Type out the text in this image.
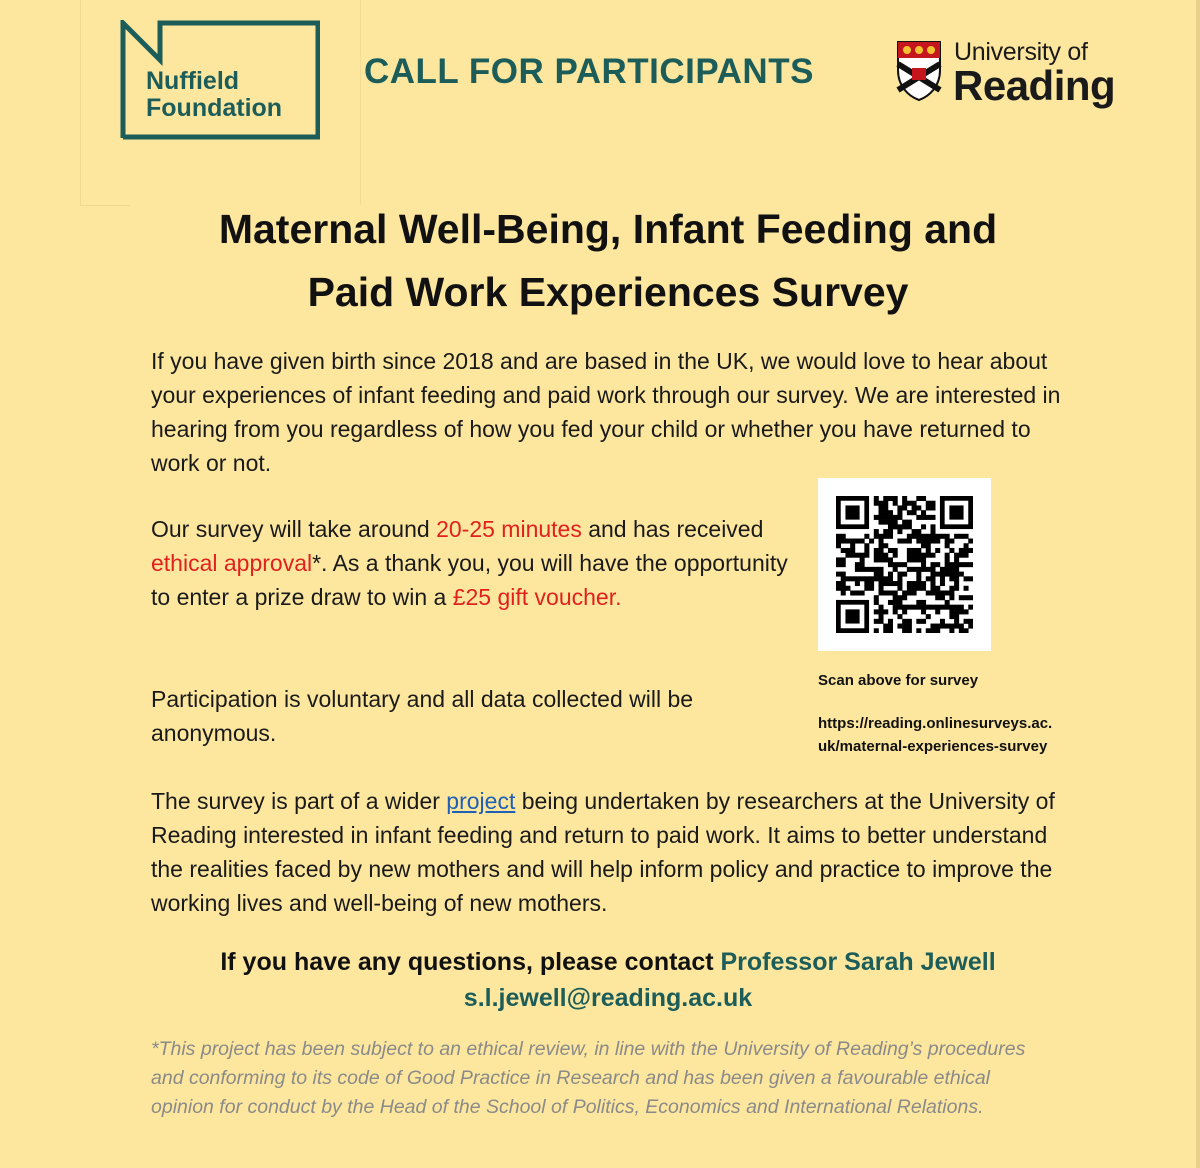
Nuffield
Foundation
CALL FOR PARTICIPANTS	University of
Reading
Maternal Well-Being, Infant Feeding and
Paid Work Experiences Survey
If you have given birth since 2018 and are based in the UK, we would love to hear about your experiences of infant feeding and paid work through our survey. We are interested in hearing from you regardless of how you fed your child or whether you have returned to work or not.
Our survey will take around 20-25 minutes and has received ethical approval*. As a thank you, you will have the opportunity to enter a prize draw to win a £25 gift voucher.
Participation is voluntary and all data collected will be anonymous.
The survey is part of a wider project being undertaken by researchers at the University of Reading interested in infant feeding and return to paid work. It aims to better understand the realities faced by new mothers and will help inform policy and practice to improve the working lives and well-being of new mothers.
Scan above for survey
https://reading.onlinesurveys.ac.
uk/maternal-experiences-survey
If you have any questions, please contact Professor Sarah Jewell
s.l.jewell@reading.ac.uk
*This project has been subject to an ethical review, in line with the University of Reading’s procedures and conforming to its code of Good Practice in Research and has been given a favourable ethical opinion for conduct by the Head of the School of Politics, Economics and International Relations.
